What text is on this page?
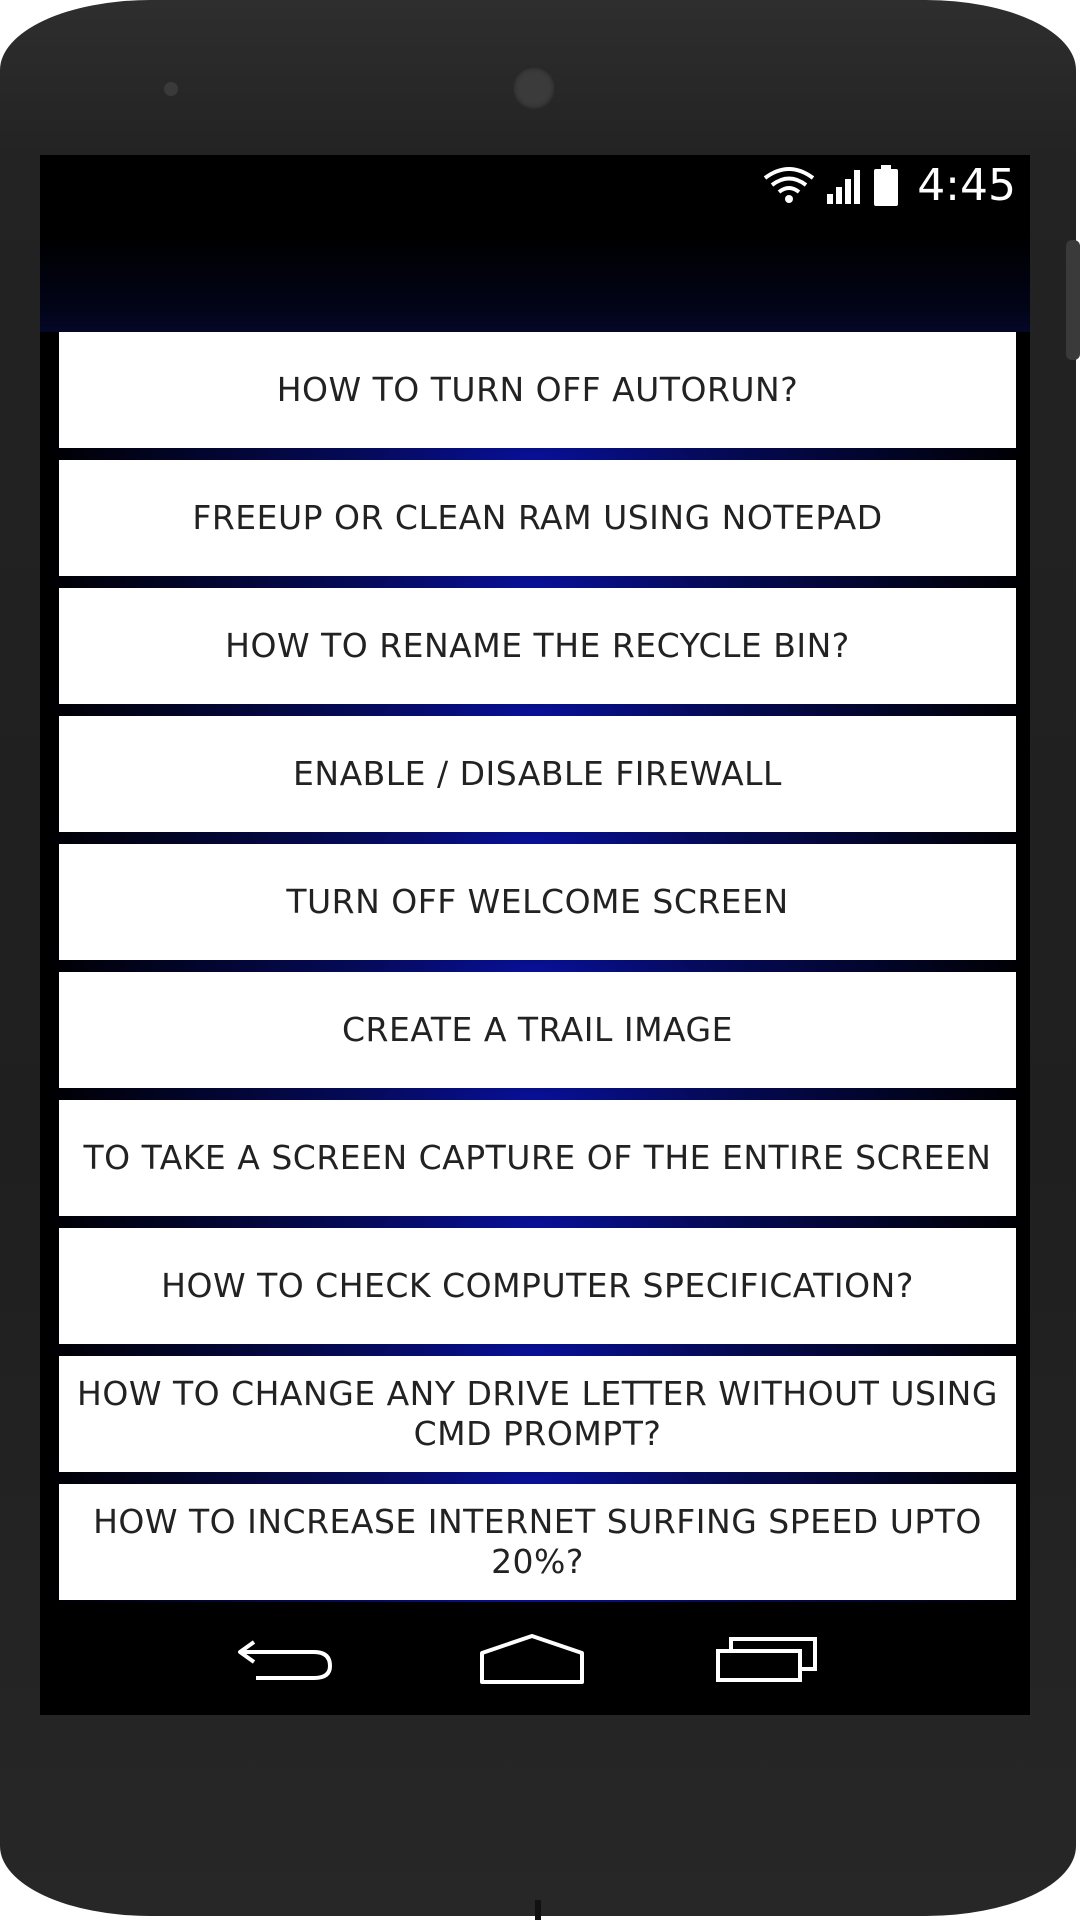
4:45
HOW TO TURN OFF AUTORUN?
FREEUP OR CLEAN RAM USING NOTEPAD
HOW TO RENAME THE RECYCLE BIN?
ENABLE / DISABLE FIREWALL
TURN OFF WELCOME SCREEN
CREATE A TRAIL IMAGE
TO TAKE A SCREEN CAPTURE OF THE ENTIRE SCREEN
HOW TO CHECK COMPUTER SPECIFICATION?
HOW TO CHANGE ANY DRIVE LETTER WITHOUT USING CMD PROMPT?
HOW TO INCREASE INTERNET SURFING SPEED UPTO 20%?
